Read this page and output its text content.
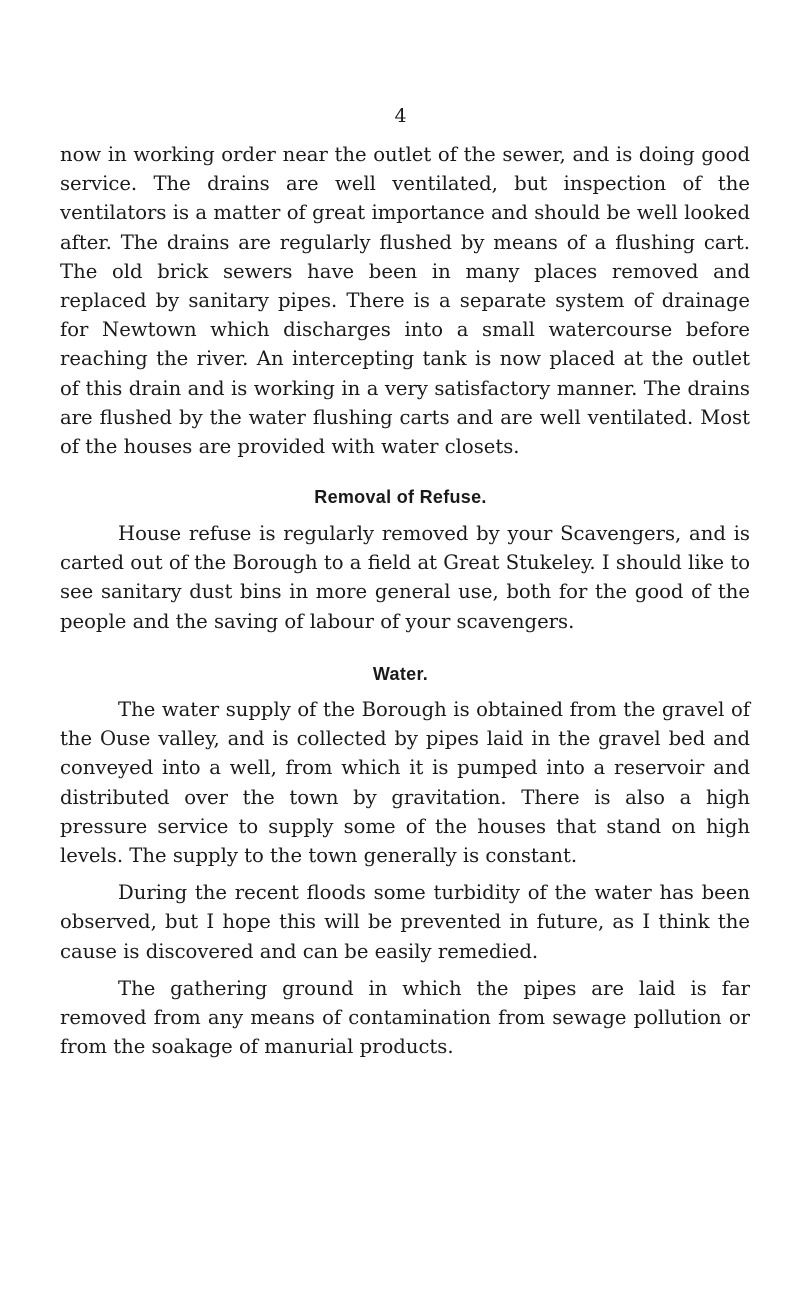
4

now in working order near the outlet of the sewer, and is doing good service. The drains are well ventilated, but inspection of the ventilators is a matter of great importance and should be well looked after. The drains are regularly flushed by means of a flushing cart. The old brick sewers have been in many places removed and replaced by sanitary pipes. There is a separate system of drainage for Newtown which discharges into a small watercourse before reaching the river. An intercepting tank is now placed at the outlet of this drain and is working in a very satisfactory manner. The drains are flushed by the water flushing carts and are well ventilated. Most of the houses are provided with water closets.

Removal of Refuse.

House refuse is regularly removed by your Scavengers, and is carted out of the Borough to a field at Great Stukeley. I should like to see sanitary dust bins in more general use, both for the good of the people and the saving of labour of your scavengers.

Water.

The water supply of the Borough is obtained from the gravel of the Ouse valley, and is collected by pipes laid in the gravel bed and conveyed into a well, from which it is pumped into a reservoir and distributed over the town by gravitation. There is also a high pressure service to supply some of the houses that stand on high levels. The supply to the town generally is constant.

During the recent floods some turbidity of the water has been observed, but I hope this will be prevented in future, as I think the cause is discovered and can be easily remedied.

The gathering ground in which the pipes are laid is far removed from any means of contamination from sewage pollution or from the soakage of manurial products.
